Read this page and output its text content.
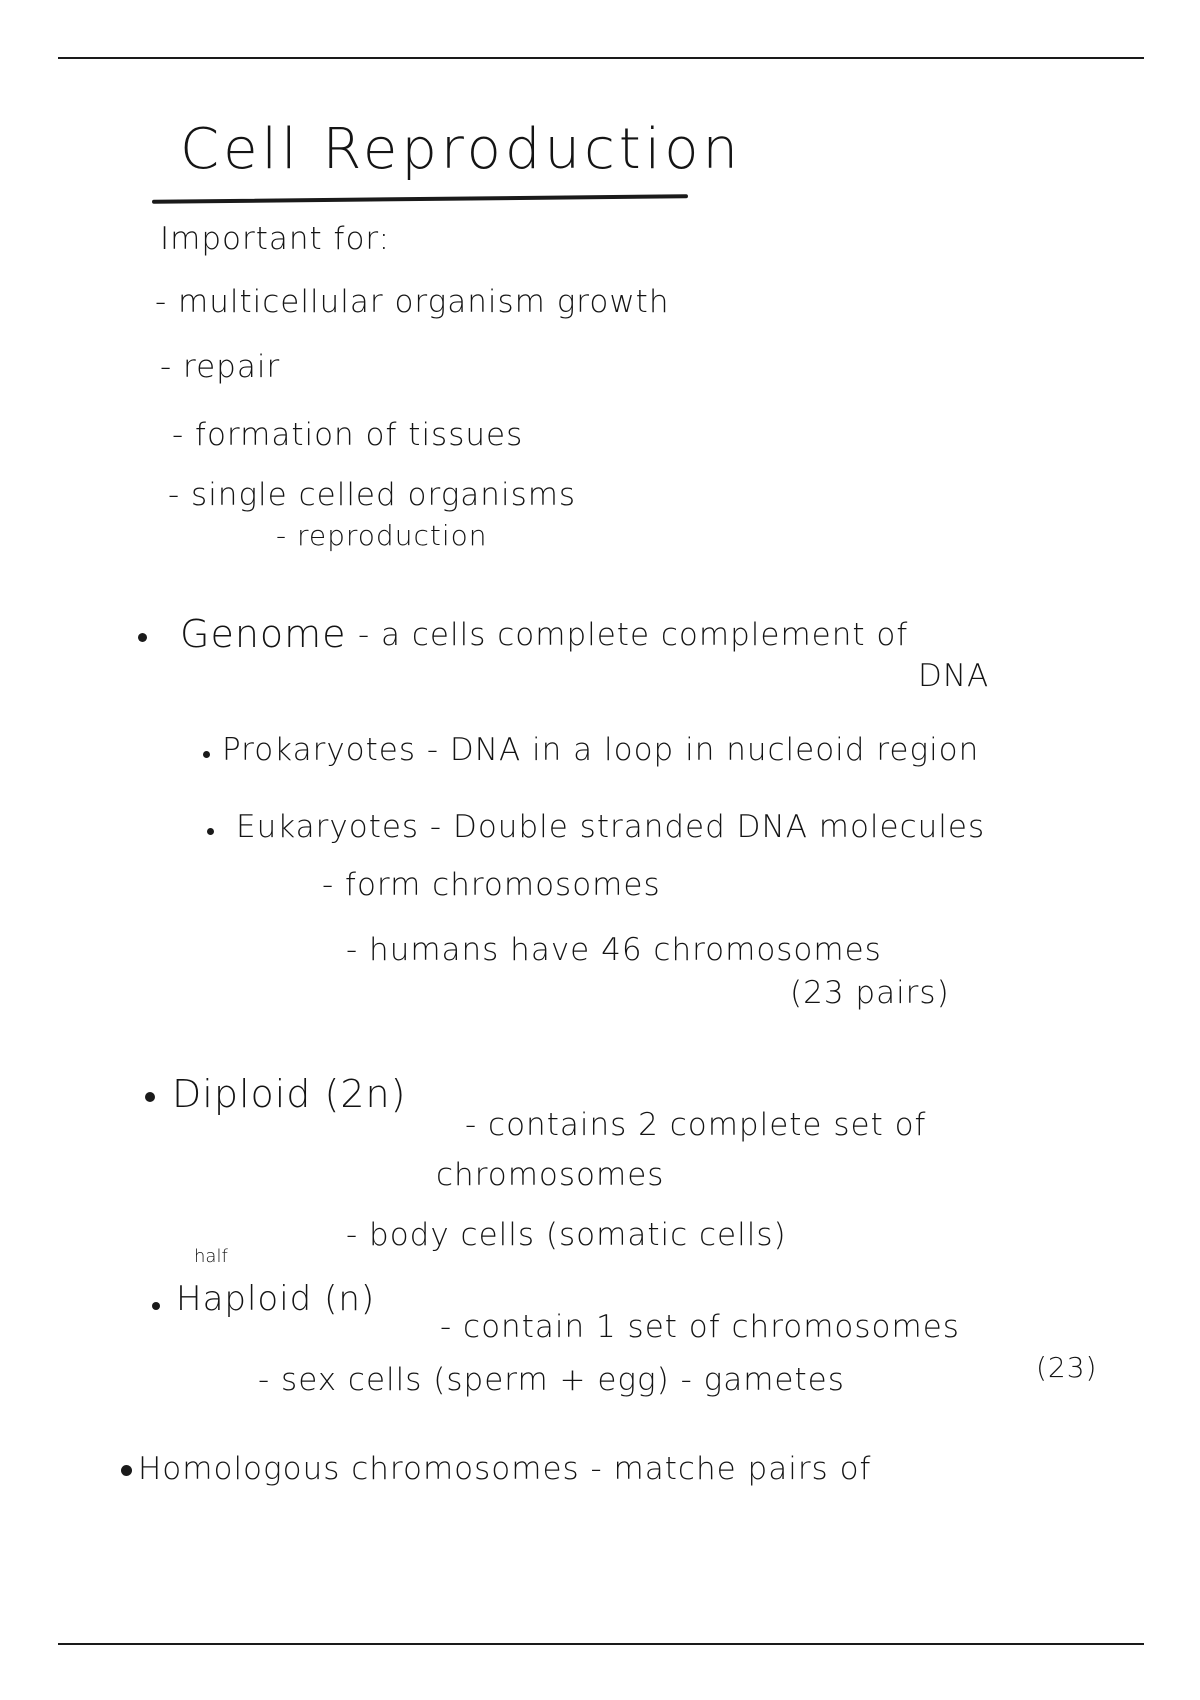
Cell Reproduction
Important for:
- multicellular organism growth
- repair
- formation of tissues
- single celled organisms
- reproduction
Genome - a cells complete complement of
DNA
Prokaryotes - DNA in a loop in nucleoid region
Eukaryotes - Double stranded DNA molecules
- form chromosomes
- humans have 46 chromosomes
(23 pairs)
Diploid (2n)
- contains 2 complete set of
chromosomes
- body cells (somatic cells)
half
Haploid (n)
- contain 1 set of chromosomes
(23)
- sex cells (sperm + egg) - gametes
Homologous chromosomes - matche pairs of
